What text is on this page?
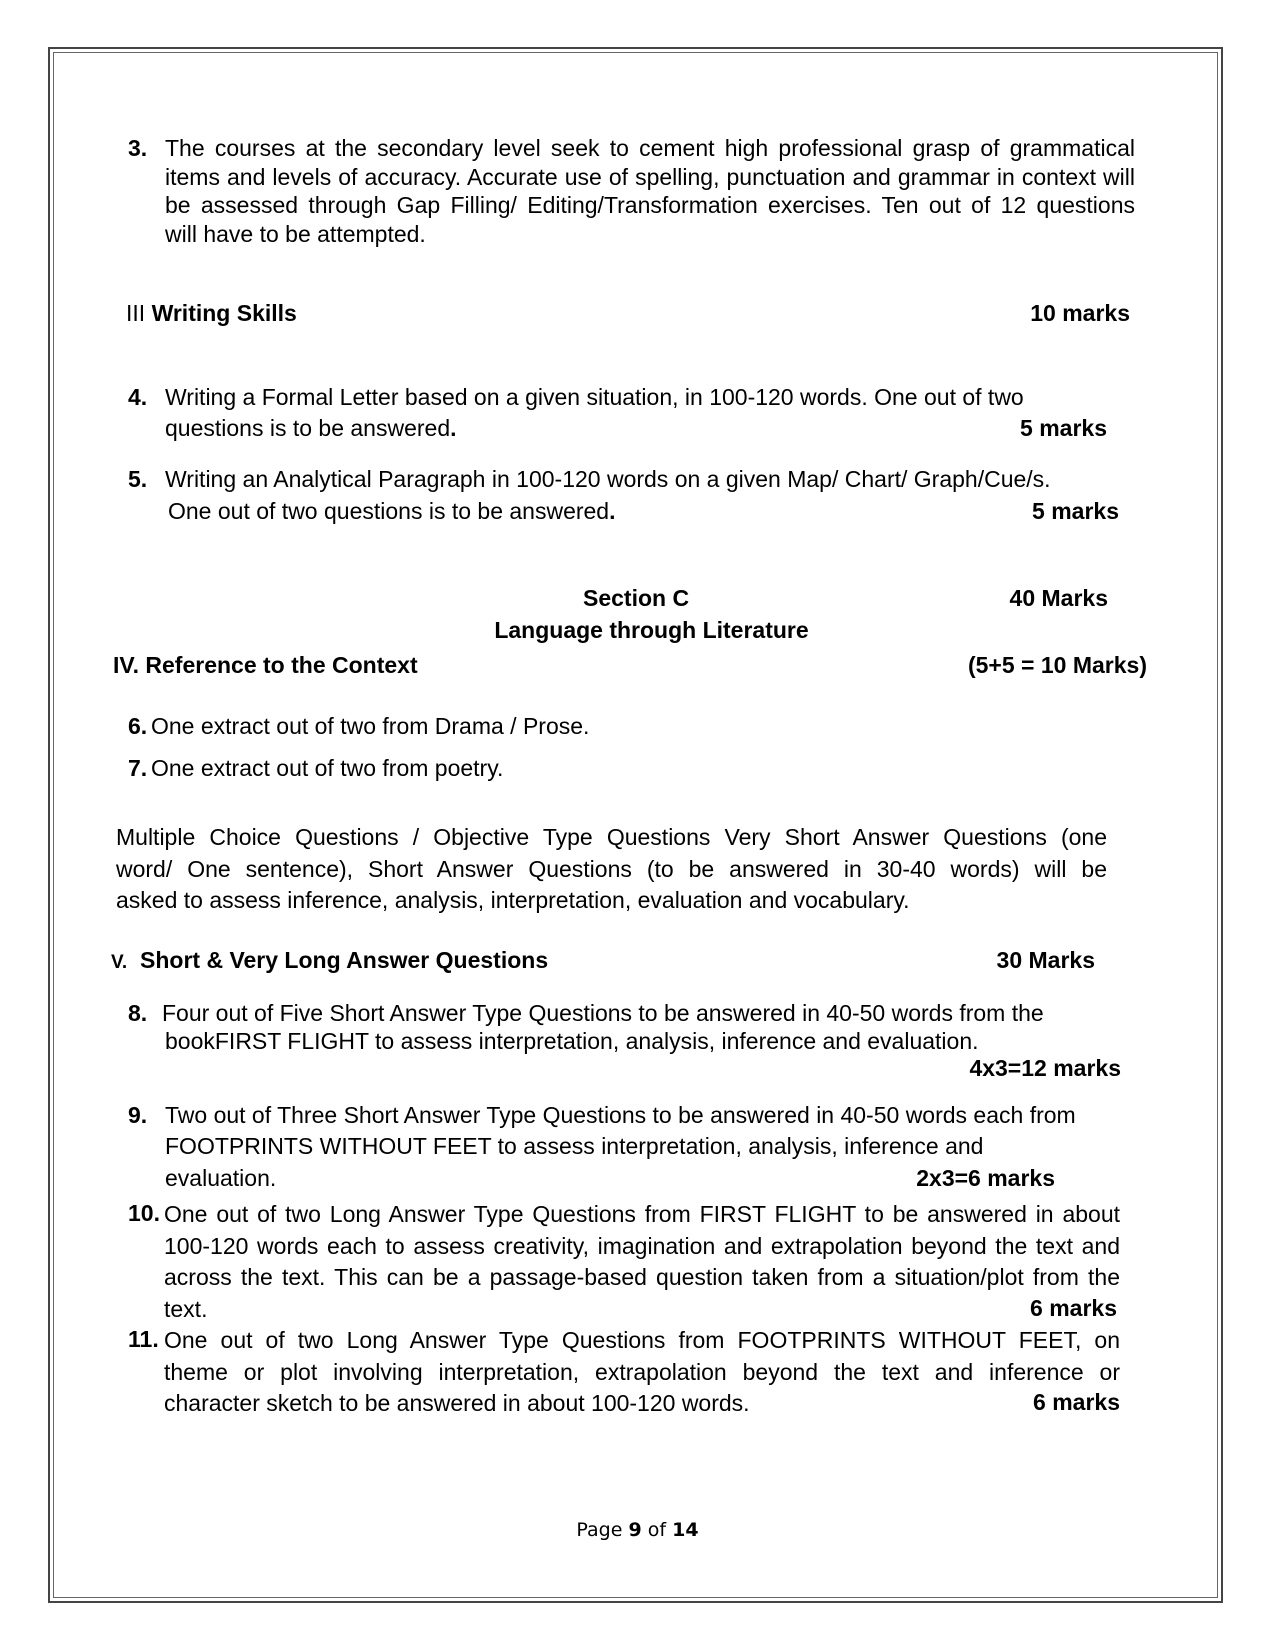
3. The courses at the secondary level seek to cement high professional grasp of grammatical
items and levels of accuracy. Accurate use of spelling, punctuation and grammar in context will
be assessed through Gap Filling/ Editing/Transformation exercises. Ten out of 12 questions
will have to be attempted.
III Writing Skills	10 marks
4. Writing a Formal Letter based on a given situation, in 100-120 words. One out of two
questions is to be answered.	5 marks
5. Writing an Analytical Paragraph in 100-120 words on a given Map/ Chart/ Graph/Cue/s.
One out of two questions is to be answered.	5 marks
Section C	40 Marks
Language through Literature
IV. Reference to the Context	(5+5 = 10 Marks)
6. One extract out of two from Drama / Prose.
7. One extract out of two from poetry.
Multiple Choice Questions / Objective Type Questions Very Short Answer Questions (one
word/ One sentence), Short Answer Questions (to be answered in 30-40 words) will be
asked to assess inference, analysis, interpretation, evaluation and vocabulary.
V. Short & Very Long Answer Questions	30 Marks
8. Four out of Five Short Answer Type Questions to be answered in 40-50 words from the
bookFIRST FLIGHT to assess interpretation, analysis, inference and evaluation.
4x3=12 marks
9. Two out of Three Short Answer Type Questions to be answered in 40-50 words each from
FOOTPRINTS WITHOUT FEET to assess interpretation, analysis, inference and
evaluation.	2x3=6 marks
10. One out of two Long Answer Type Questions from FIRST FLIGHT to be answered in about
100-120 words each to assess creativity, imagination and extrapolation beyond the text and
across the text. This can be a passage-based question taken from a situation/plot from the
text.	6 marks
11. One out of two Long Answer Type Questions from FOOTPRINTS WITHOUT FEET, on
theme or plot involving interpretation, extrapolation beyond the text and inference or
character sketch to be answered in about 100-120 words.	6 marks
Page 9 of 14
